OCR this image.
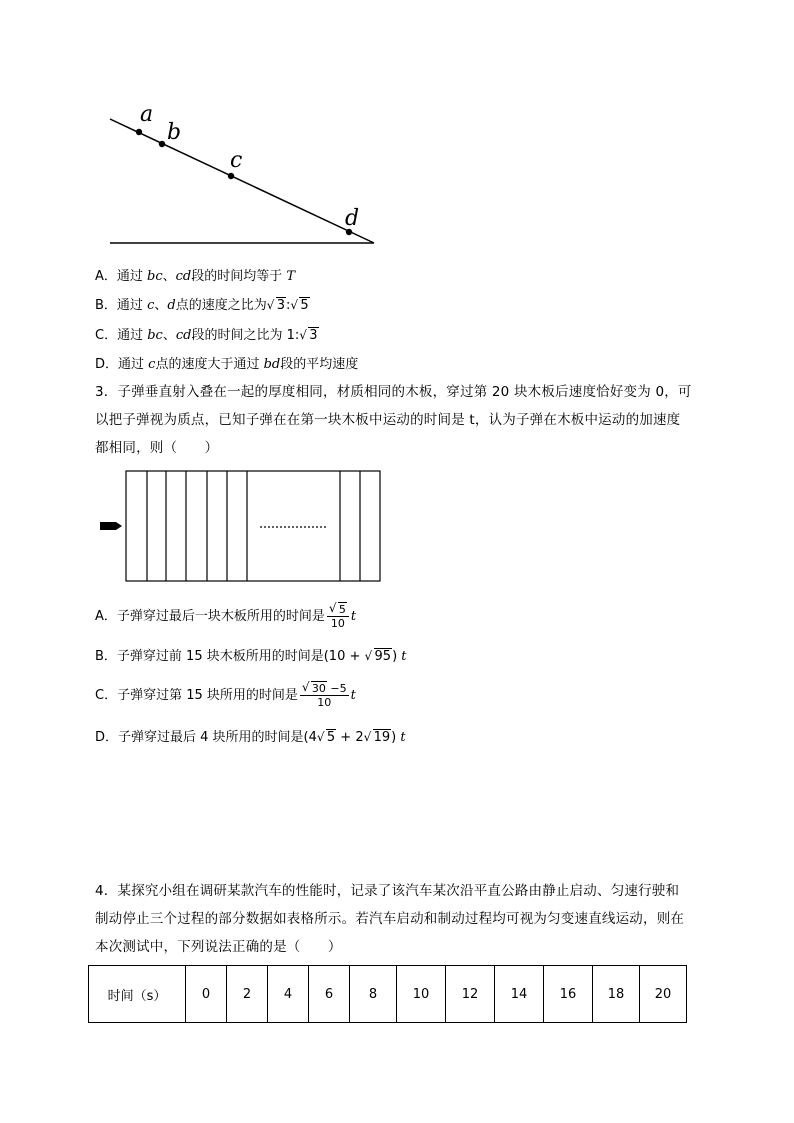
a
b
c
d
A．通过 bc、cd段的时间均等于 T
B．通过 c、d点的速度之比为 √ 3: √ 5
C．通过 bc、cd段的时间之比为 1: √ 3
D．通过 c点的速度大于通过 bd段的平均速度
3．子弹垂直射入叠在一起的厚度相同，材质相同的木板，穿过第 20 块木板后速度恰好变为 0，可
以把子弹视为质点，已知子弹在在第一块木板中运动的时间是 t，认为子弹在木板中运动的加速度
都相同，则（　　）
A．子弹穿过最后一块木板所用的时间是 √ $\frac{5}{10}$ t
B．子弹穿过前 15 块木板所用的时间是(10 + √ 95) t
C．子弹穿过第 15 块所用的时间是 √ $\frac{30 -5}{10}$ t
D．子弹穿过最后 4 块所用的时间是(4 √ 5 + 2 √ 19) t
4．某探究小组在调研某款汽车的性能时，记录了该汽车某次沿平直公路由静止启动、匀速行驶和
制动停止三个过程的部分数据如表格所示。若汽车启动和制动过程均可视为匀变速直线运动，则在
本次测试中，下列说法正确的是（　　）
时间（s）	0	2	4	6	8	10	12	14	16	18	20
